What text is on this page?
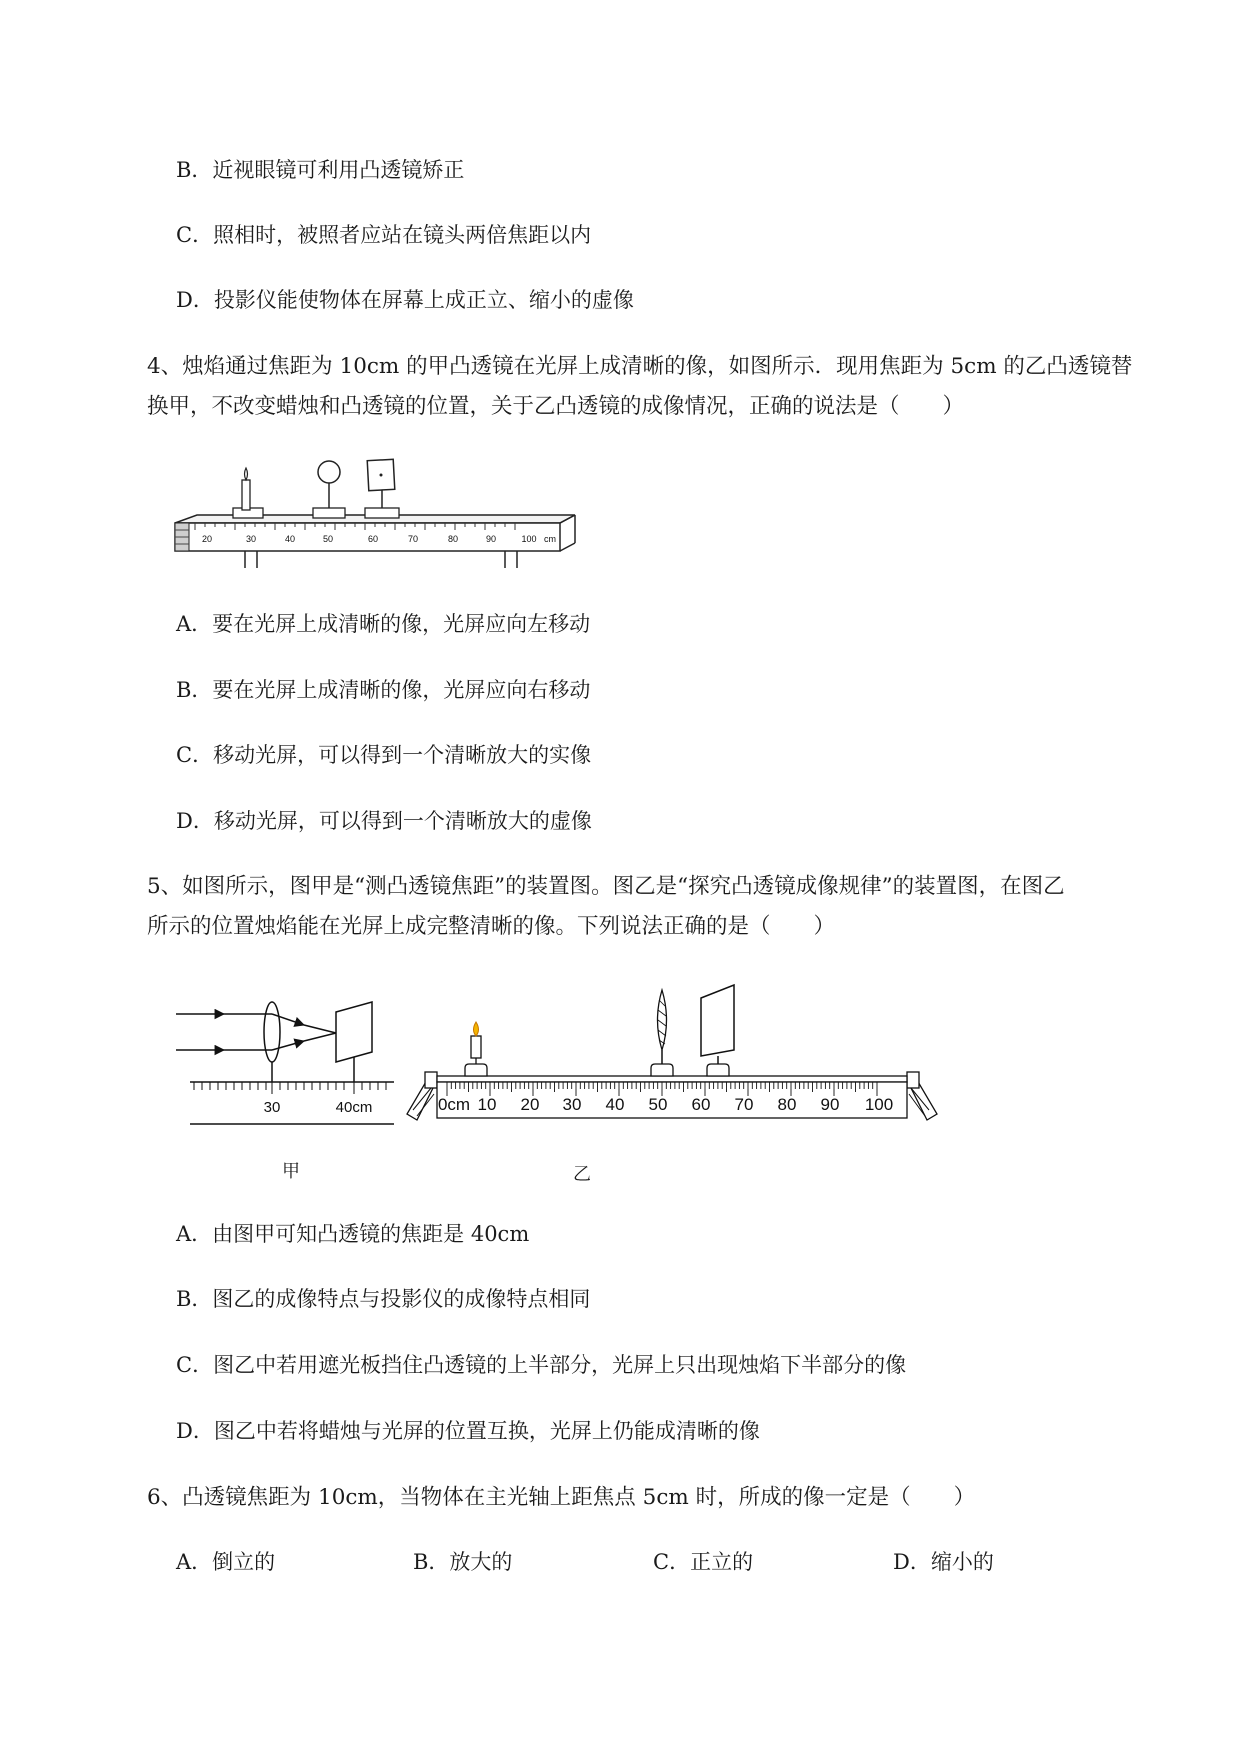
B．近视眼镜可利用凸透镜矫正
C．照相时，被照者应站在镜头两倍焦距以内
D．投影仪能使物体在屏幕上成正立、缩小的虚像
4、烛焰通过焦距为 10cm 的甲凸透镜在光屏上成清晰的像，如图所示．现用焦距为 5cm 的乙凸透镜替
换甲，不改变蜡烛和凸透镜的位置，关于乙凸透镜的成像情况，正确的说法是（　　）
20	30	40	50	60	70	80	90	100 cm
A．要在光屏上成清晰的像，光屏应向左移动
B．要在光屏上成清晰的像，光屏应向右移动
C．移动光屏，可以得到一个清晰放大的实像
D．移动光屏，可以得到一个清晰放大的虚像
5、如图所示，图甲是“测凸透镜焦距”的装置图。图乙是“探究凸透镜成像规律”的装置图，在图乙
所示的位置烛焰能在光屏上成完整清晰的像。下列说法正确的是（　　）
30	40cm
甲
0cm 10 20 30 40 50 60 70 80 90 100
乙
A．由图甲可知凸透镜的焦距是 40cm
B．图乙的成像特点与投影仪的成像特点相同
C．图乙中若用遮光板挡住凸透镜的上半部分，光屏上只出现烛焰下半部分的像
D．图乙中若将蜡烛与光屏的位置互换，光屏上仍能成清晰的像
6、凸透镜焦距为 10cm，当物体在主光轴上距焦点 5cm 时，所成的像一定是（　　）
A．倒立的	B．放大的	C．正立的	D．缩小的
